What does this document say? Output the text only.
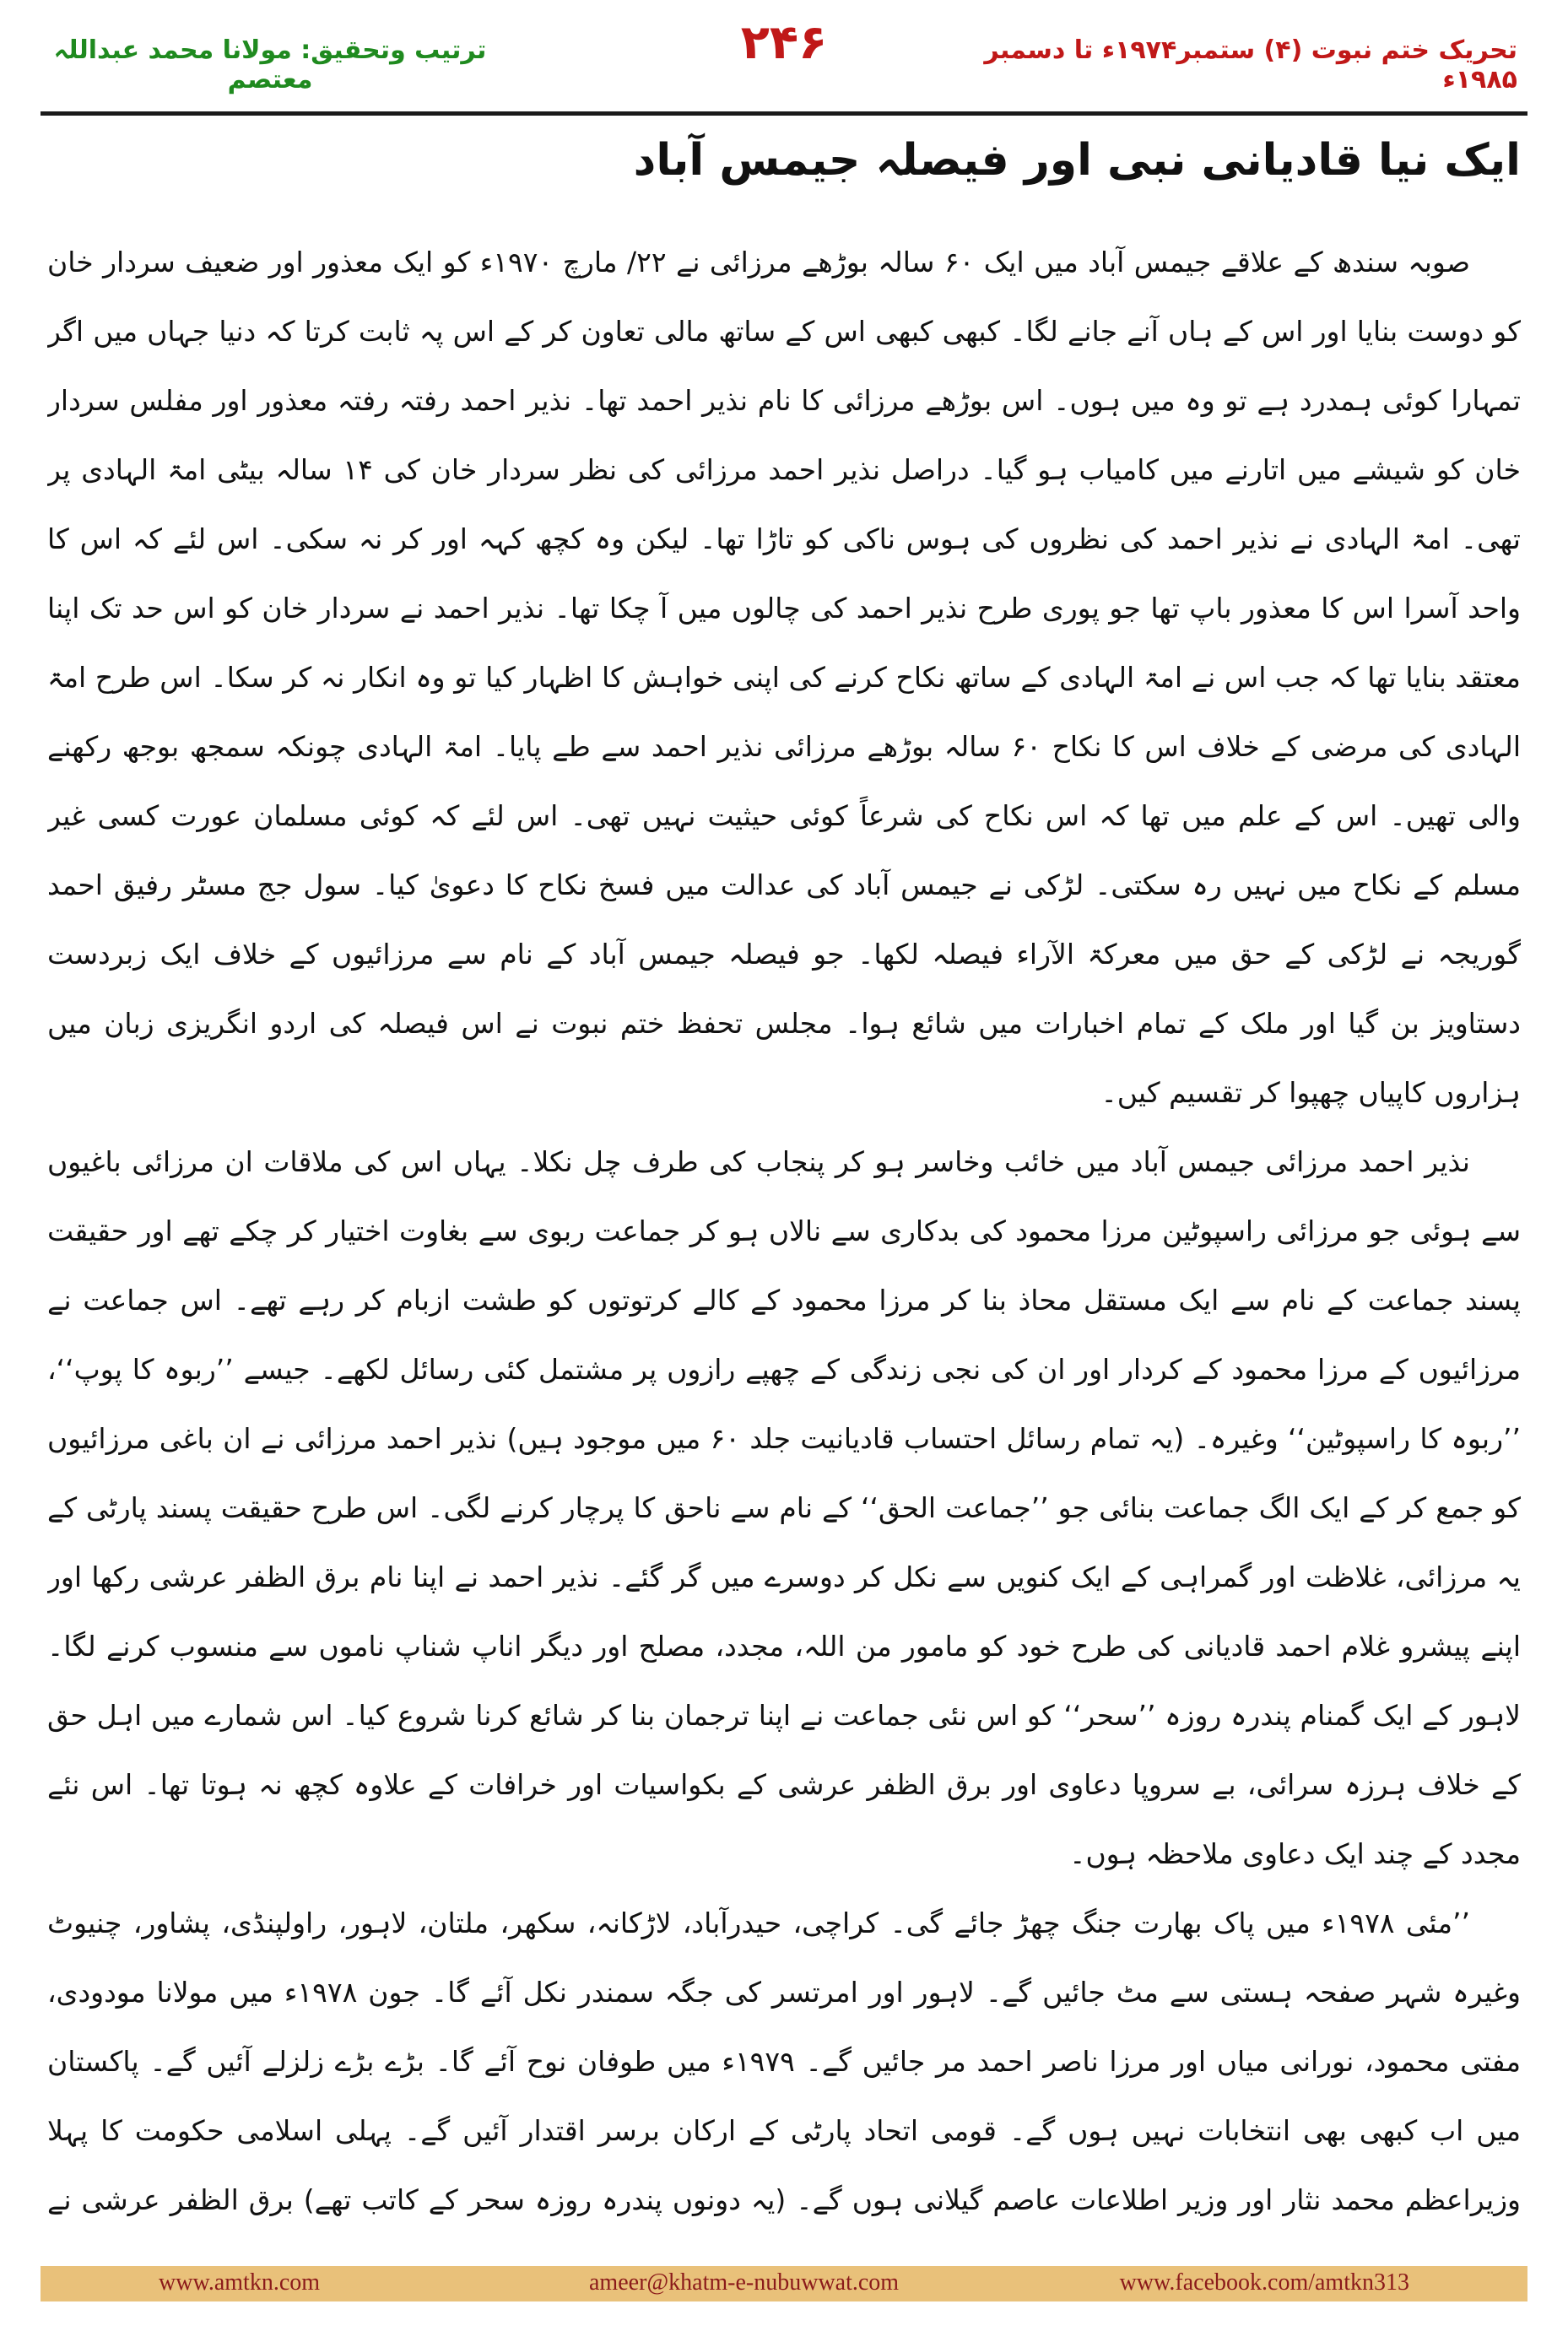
ترتیب وتحقیق: مولانا محمد عبداللہ معتصم
۲۴۶	تحریک ختم نبوت (۴) ستمبر۱۹۷۴ء تا دسمبر ۱۹۸۵ء
ایک نیا قادیانی نبی اور فیصلہ جیمس آباد

صوبہ سندھ کے علاقے جیمس آباد میں ایک ۶۰ سالہ بوڑھے مرزائی نے ۲۲/ مارچ ۱۹۷۰ء کو ایک معذور اور ضعیف سردار خان کو دوست بنایا اور اس کے ہاں آنے جانے لگا۔ کبھی کبھی اس کے ساتھ مالی تعاون کر کے اس پہ ثابت کرتا کہ دنیا جہاں میں اگر تمہارا کوئی ہمدرد ہے تو وہ میں ہوں۔ اس بوڑھے مرزائی کا نام نذیر احمد تھا۔ نذیر احمد رفتہ رفتہ معذور اور مفلس سردار خان کو شیشے میں اتارنے میں کامیاب ہو گیا۔ دراصل نذیر احمد مرزائی کی نظر سردار خان کی ۱۴ سالہ بیٹی امۃ الہادی پر تھی۔ امۃ الہادی نے نذیر احمد کی نظروں کی ہوس ناکی کو تاڑا تھا۔ لیکن وہ کچھ کہہ اور کر نہ سکی۔ اس لئے کہ اس کا واحد آسرا اس کا معذور باپ تھا جو پوری طرح نذیر احمد کی چالوں میں آ چکا تھا۔ نذیر احمد نے سردار خان کو اس حد تک اپنا معتقد بنایا تھا کہ جب اس نے امۃ الہادی کے ساتھ نکاح کرنے کی اپنی خواہش کا اظہار کیا تو وہ انکار نہ کر سکا۔ اس طرح امۃ الہادی کی مرضی کے خلاف اس کا نکاح ۶۰ سالہ بوڑھے مرزائی نذیر احمد سے طے پایا۔ امۃ الہادی چونکہ سمجھ بوجھ رکھنے والی تھیں۔ اس کے علم میں تھا کہ اس نکاح کی شرعاً کوئی حیثیت نہیں تھی۔ اس لئے کہ کوئی مسلمان عورت کسی غیر مسلم کے نکاح میں نہیں رہ سکتی۔ لڑکی نے جیمس آباد کی عدالت میں فسخ نکاح کا دعویٰ کیا۔ سول جج مسٹر رفیق احمد گوریجہ نے لڑکی کے حق میں معرکۃ الآراء فیصلہ لکھا۔ جو فیصلہ جیمس آباد کے نام سے مرزائیوں کے خلاف ایک زبردست دستاویز بن گیا اور ملک کے تمام اخبارات میں شائع ہوا۔ مجلس تحفظ ختم نبوت نے اس فیصلہ کی اردو انگریزی زبان میں ہزاروں کاپیاں چھپوا کر تقسیم کیں۔

نذیر احمد مرزائی جیمس آباد میں خائب وخاسر ہو کر پنجاب کی طرف چل نکلا۔ یہاں اس کی ملاقات ان مرزائی باغیوں سے ہوئی جو مرزائی راسپوٹین مرزا محمود کی بدکاری سے نالاں ہو کر جماعت ربوی سے بغاوت اختیار کر چکے تھے اور حقیقت پسند جماعت کے نام سے ایک مستقل محاذ بنا کر مرزا محمود کے کالے کرتوتوں کو طشت ازبام کر رہے تھے۔ اس جماعت نے مرزائیوں کے مرزا محمود کے کردار اور ان کی نجی زندگی کے چھپے رازوں پر مشتمل کئی رسائل لکھے۔ جیسے ’’ربوہ کا پوپ‘‘، ’’ربوہ کا راسپوٹین‘‘ وغیرہ۔ (یہ تمام رسائل احتساب قادیانیت جلد ۶۰ میں موجود ہیں) نذیر احمد مرزائی نے ان باغی مرزائیوں کو جمع کر کے ایک الگ جماعت بنائی جو ’’جماعت الحق‘‘ کے نام سے ناحق کا پرچار کرنے لگی۔ اس طرح حقیقت پسند پارٹی کے یہ مرزائی، غلاظت اور گمراہی کے ایک کنویں سے نکل کر دوسرے میں گر گئے۔ نذیر احمد نے اپنا نام برق الظفر عرشی رکھا اور اپنے پیشرو غلام احمد قادیانی کی طرح خود کو مامور من اللہ، مجدد، مصلح اور دیگر اناپ شناپ ناموں سے منسوب کرنے لگا۔ لاہور کے ایک گمنام پندرہ روزہ ’’سحر‘‘ کو اس نئی جماعت نے اپنا ترجمان بنا کر شائع کرنا شروع کیا۔ اس شمارے میں اہل حق کے خلاف ہرزہ سرائی، بے سروپا دعاوی اور برق الظفر عرشی کے بکواسیات اور خرافات کے علاوہ کچھ نہ ہوتا تھا۔ اس نئے مجدد کے چند ایک دعاوی ملاحظہ ہوں۔

’’مئی ۱۹۷۸ء میں پاک بھارت جنگ چھڑ جائے گی۔ کراچی، حیدرآباد، لاڑکانہ، سکھر، ملتان، لاہور، راولپنڈی، پشاور، چنیوٹ وغیرہ شہر صفحہ ہستی سے مٹ جائیں گے۔ لاہور اور امرتسر کی جگہ سمندر نکل آئے گا۔ جون ۱۹۷۸ء میں مولانا مودودی، مفتی محمود، نورانی میاں اور مرزا ناصر احمد مر جائیں گے۔ ۱۹۷۹ء میں طوفان نوح آئے گا۔ بڑے بڑے زلزلے آئیں گے۔ پاکستان میں اب کبھی بھی انتخابات نہیں ہوں گے۔ قومی اتحاد پارٹی کے ارکان برسر اقتدار آئیں گے۔ پہلی اسلامی حکومت کا پہلا وزیراعظم محمد نثار اور وزیر اطلاعات عاصم گیلانی ہوں گے۔ (یہ دونوں پندرہ روزہ سحر کے کاتب تھے) برق الظفر عرشی نے

www.amtkn.com	ameer@khatm-e-nubuwwat.com	www.facebook.com/amtkn313
